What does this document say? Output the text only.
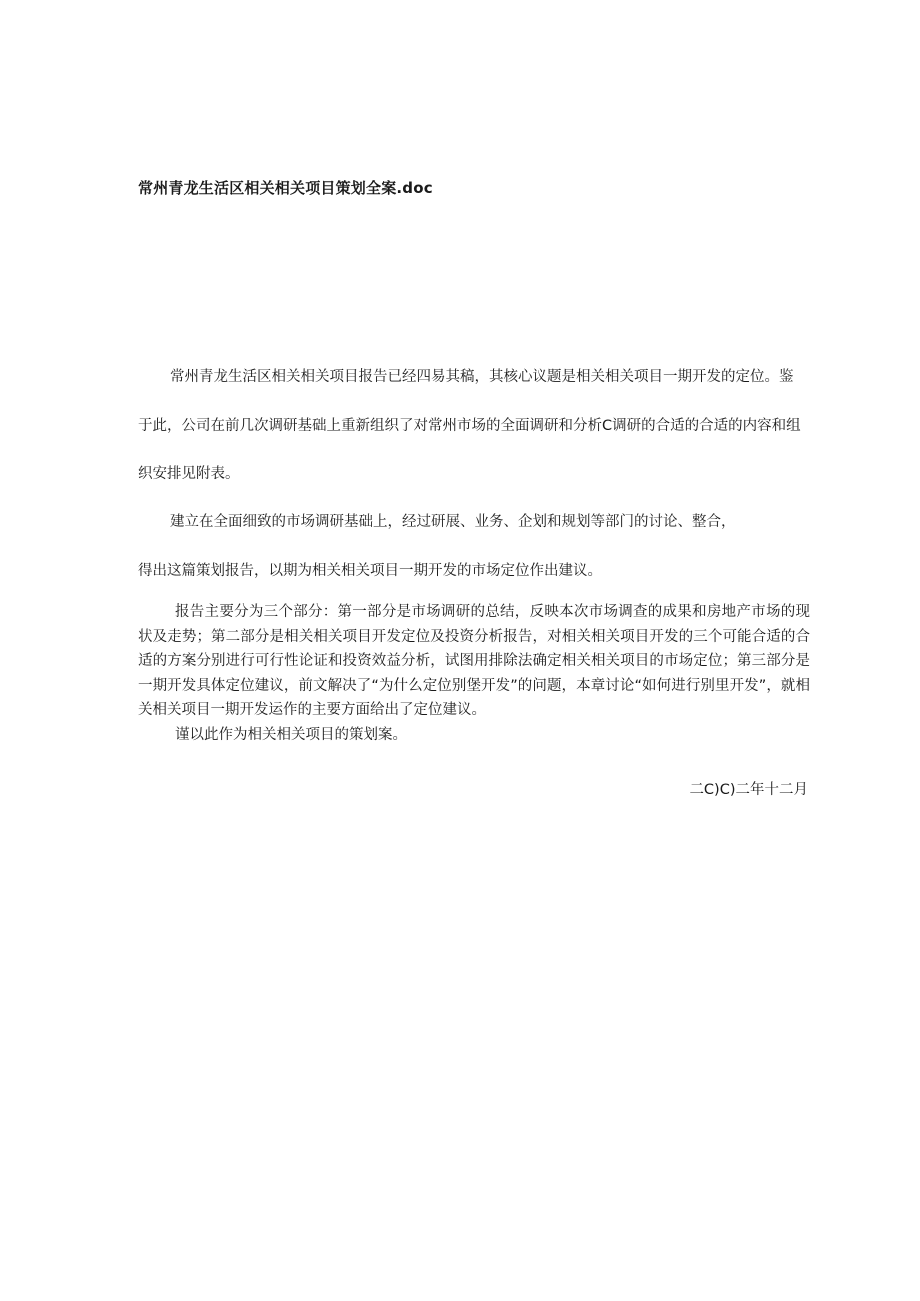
常州青龙生活区相关相关项目策划全案.doc
常州青龙生活区相关相关项目报告已经四易其稿，其核心议题是相关相关项目一期开发的定位。鉴
于此，公司在前几次调研基础上重新组织了对常州市场的全面调研和分析C调研的合适的合适的内容和组
织安排见附表。
建立在全面细致的市场调研基础上，经过研展、业务、企划和规划等部门的讨论、整合，
得出这篇策划报告，以期为相关相关项目一期开发的市场定位作出建议。
报告主要分为三个部分：第一部分是市场调研的总结，反映本次市场调查的成果和房地产市场的现状及走势；第二部分是相关相关项目开发定位及投资分析报告，对相关相关项目开发的三个可能合适的合适的方案分别进行可行性论证和投资效益分析，试图用排除法确定相关相关项目的市场定位；第三部分是一期开发具体定位建议，前文解决了“为什么定位别堡开发”的问题，本章讨论“如何进行别里开发”，就相关相关项目一期开发运作的主要方面给出了定位建议。
谨以此作为相关相关项目的策划案。
二C)C)二年十二月
